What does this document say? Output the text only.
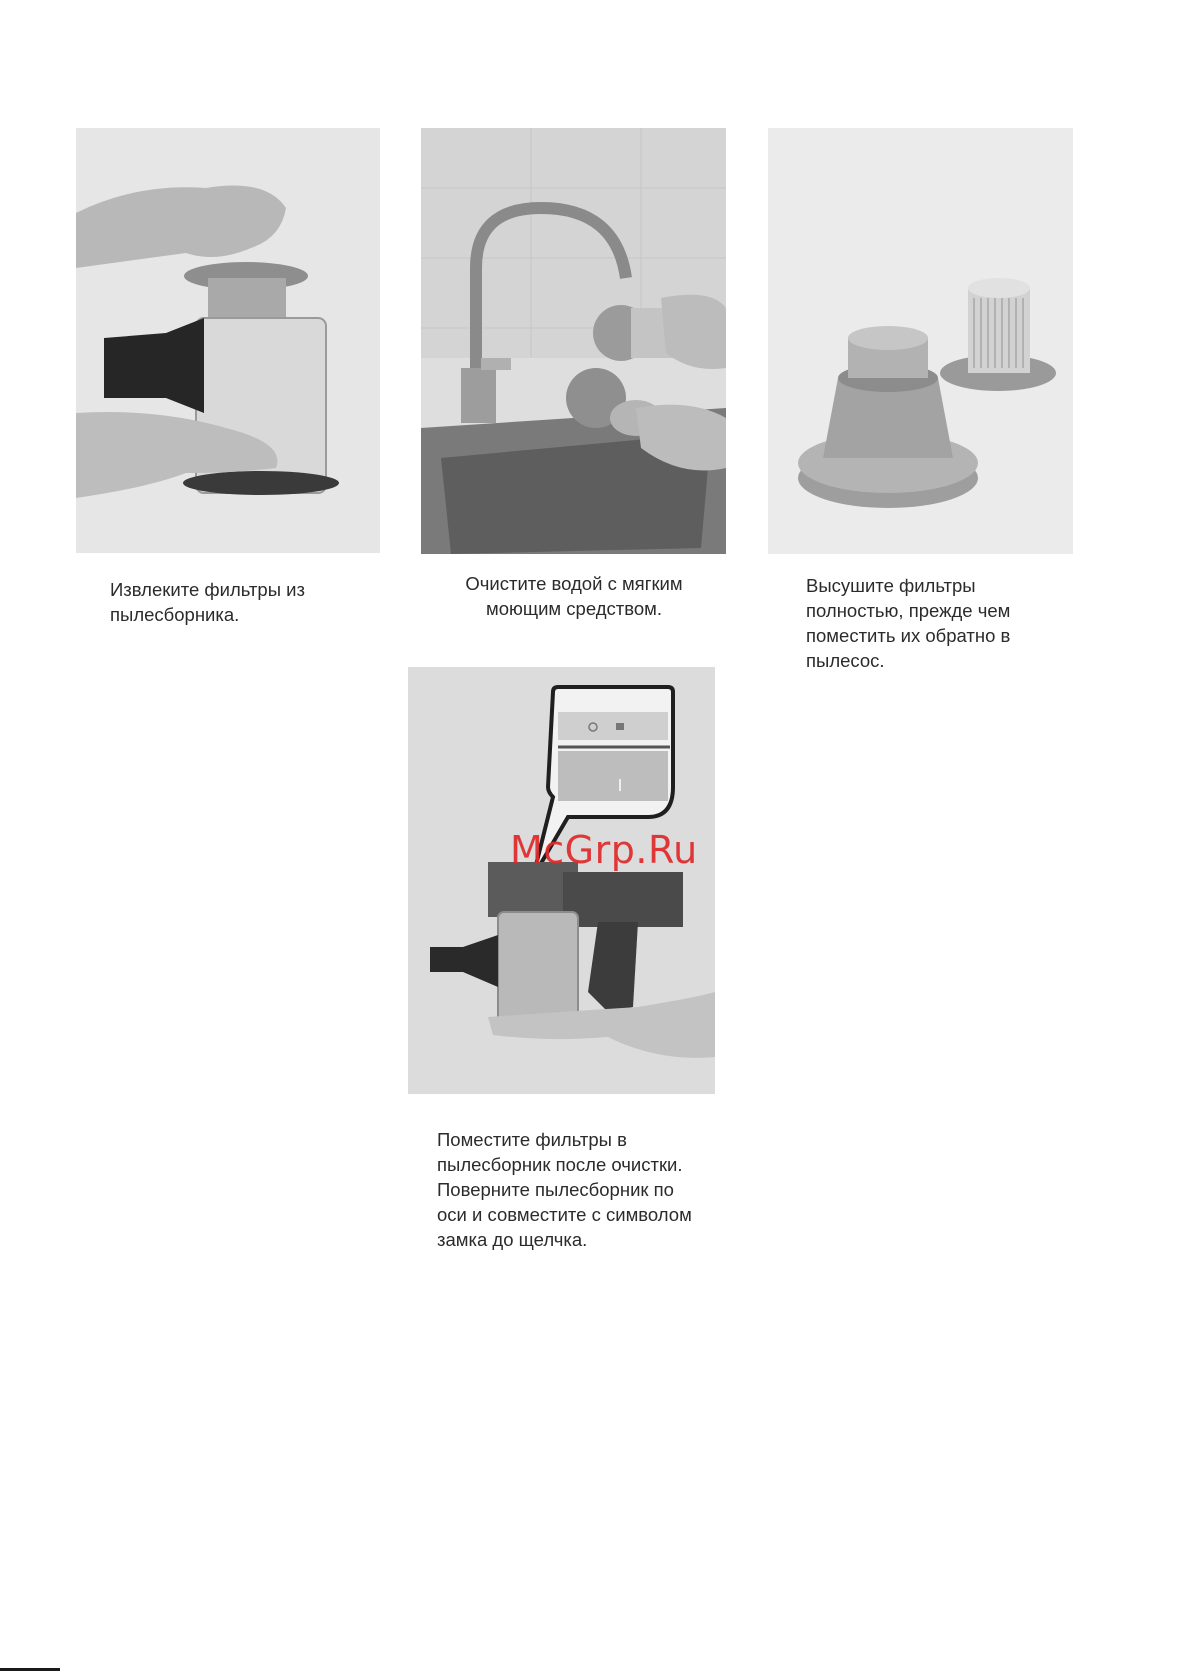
Извлеките фильтры из
пылесборника.

Очистите водой с мягким
моющим средством.

Высушите фильтры
полностью, прежде чем
поместить их обратно в
пылесос.

Поместите фильтры в
пылесборник после очистки.
Поверните пылесборник по
оси и совместите с символом
замка до щелчка.

McGrp.Ru
